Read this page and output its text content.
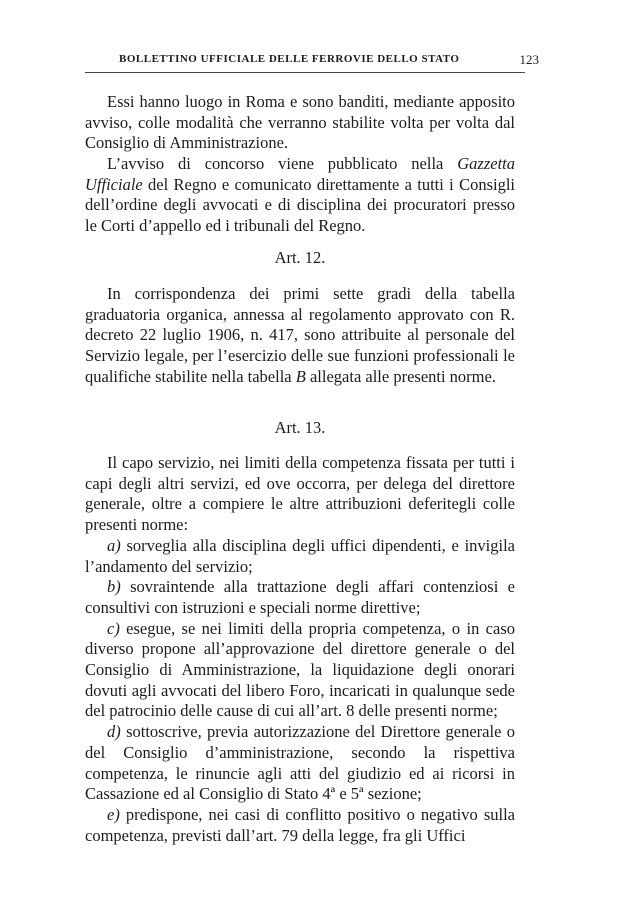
BOLLETTINO UFFICIALE DELLE FERROVIE DELLO STATO	123

Essi hanno luogo in Roma e sono banditi, mediante apposito avviso, colle modalità che verranno stabilite volta per volta dal Consiglio di Amministrazione.

L’avviso di concorso viene pubblicato nella Gazzetta Ufficiale del Regno e comunicato direttamente a tutti i Consigli dell’ordine degli avvocati e di disciplina dei procuratori presso le Corti d’appello ed i tribunali del Regno.

Art. 12.

In corrispondenza dei primi sette gradi della tabella graduatoria organica, annessa al regolamento approvato con R. decreto 22 luglio 1906, n. 417, sono attribuite al personale del Servizio legale, per l’esercizio delle sue funzioni professionali le qualifiche stabilite nella tabella B allegata alle presenti norme.

Art. 13.

Il capo servizio, nei limiti della competenza fissata per tutti i capi degli altri servizi, ed ove occorra, per delega del direttore generale, oltre a compiere le altre attribuzioni deferitegli colle presenti norme:

a) sorveglia alla disciplina degli uffici dipendenti, e invigila l’andamento del servizio;

b) sovraintende alla trattazione degli affari contenziosi e consultivi con istruzioni e speciali norme direttive;

c) esegue, se nei limiti della propria competenza, o in caso diverso propone all’approvazione del direttore generale o del Consiglio di Amministrazione, la liquidazione degli onorari dovuti agli avvocati del libero Foro, incaricati in qualunque sede del patrocinio delle cause di cui all’art. 8 delle presenti norme;

d) sottoscrive, previa autorizzazione del Direttore generale o del Consiglio d’amministrazione, secondo la rispettiva competenza, le rinuncie agli atti del giudizio ed ai ricorsi in Cassazione ed al Consiglio di Stato 4ª e 5ª sezione;

e) predispone, nei casi di conflitto positivo o negativo sulla competenza, previsti dall’art. 79 della legge, fra gli Uffici
